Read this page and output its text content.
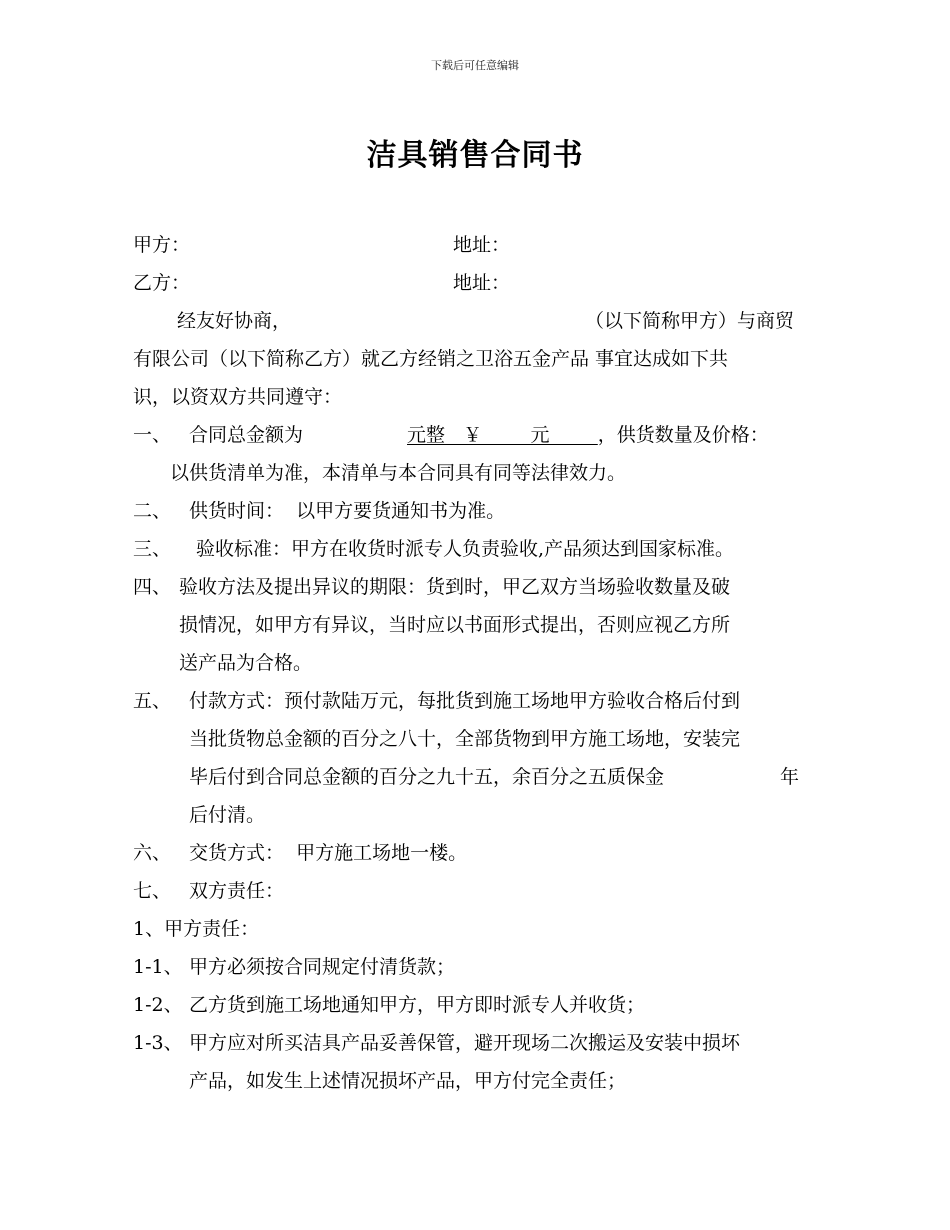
下载后可任意编辑
洁具销售合同书
甲方：	地址：
乙方：	地址：
经友好协商，	（以下简称甲方）与商贸
有限公司（以下简称乙方）就乙方经销之卫浴五金产品 事宜达成如下共
识，以资双方共同遵守：
一、 合同总金额为	元整   ￥        元        ，供货数量及价格：
以供货清单为准，本清单与本合同具有同等法律效力。
二、 供货时间：  以甲方要货通知书为准。
三、 验收标准：甲方在收货时派专人负责验收,产品须达到国家标准。
四、 验收方法及提出异议的期限：货到时，甲乙双方当场验收数量及破
损情况，如甲方有异议，当时应以书面形式提出，否则应视乙方所
送产品为合格。
五、 付款方式：预付款陆万元，每批货到施工场地甲方验收合格后付到
当批货物总金额的百分之八十，全部货物到甲方施工场地，安装完
毕后付到合同总金额的百分之九十五，余百分之五质保金	年
后付清。
六、 交货方式：  甲方施工场地一楼。
七、 双方责任：
1、甲方责任：
1-1、 甲方必须按合同规定付清货款；
1-2、 乙方货到施工场地通知甲方，甲方即时派专人并收货；
1-3、 甲方应对所买洁具产品妥善保管，避开现场二次搬运及安装中损坏
产品，如发生上述情况损坏产品，甲方付完全责任；
